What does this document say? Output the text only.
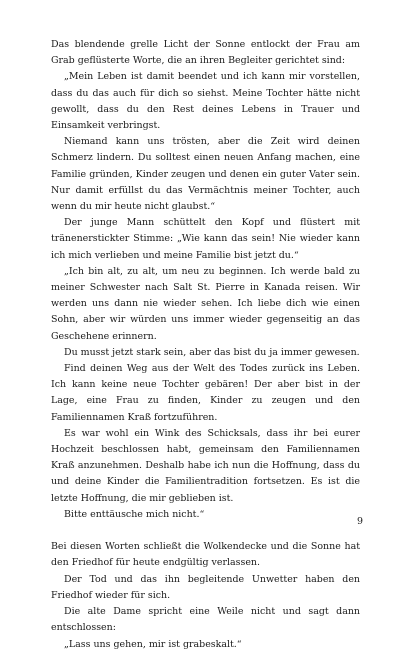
Das blendende grelle Licht der Sonne entlockt der Frau am Grab geflüsterte Worte, die an ihren Begleiter gerichtet sind:

„Mein Leben ist damit beendet und ich kann mir vorstellen, dass du das auch für dich so siehst. Meine Tochter hätte nicht gewollt, dass du den Rest deines Lebens in Trauer und Einsamkeit verbringst.

Niemand kann uns trösten, aber die Zeit wird deinen Schmerz lindern. Du solltest einen neuen Anfang machen, eine Familie gründen, Kinder zeugen und denen ein guter Vater sein. Nur damit erfüllst du das Vermächtnis meiner Tochter, auch wenn du mir heute nicht glaubst.“

Der junge Mann schüttelt den Kopf und flüstert mit tränenerstickter Stimme: „Wie kann das sein! Nie wieder kann ich mich verlieben und meine Familie bist jetzt du.“

„Ich bin alt, zu alt, um neu zu beginnen. Ich werde bald zu meiner Schwester nach Salt St. Pierre in Kanada reisen. Wir werden uns dann nie wieder sehen. Ich liebe dich wie einen Sohn, aber wir würden uns immer wieder gegenseitig an das Geschehene erinnern.

Du musst jetzt stark sein, aber das bist du ja immer gewesen.

Find deinen Weg aus der Welt des Todes zurück ins Leben. Ich kann keine neue Tochter gebären! Der aber bist in der Lage, eine Frau zu finden, Kinder zu zeugen und den Familiennamen Kraß fortzuführen.

Es war wohl ein Wink des Schicksals, dass ihr bei eurer Hochzeit beschlossen habt, gemeinsam den Familiennamen Kraß anzunehmen. Deshalb habe ich nun die Hoffnung, dass du und deine Kinder die Familientradition fortsetzen. Es ist die letzte Hoffnung, die mir geblieben ist.

Bitte enttäusche mich nicht.“

Bei diesen Worten schließt die Wolkendecke und die Sonne hat den Friedhof für heute endgültig verlassen.

Der Tod und das ihn begleitende Unwetter haben den Friedhof wieder für sich.

Die alte Dame spricht eine Weile nicht und sagt dann entschlossen:

„Lass uns gehen, mir ist grabeskalt.“

9
